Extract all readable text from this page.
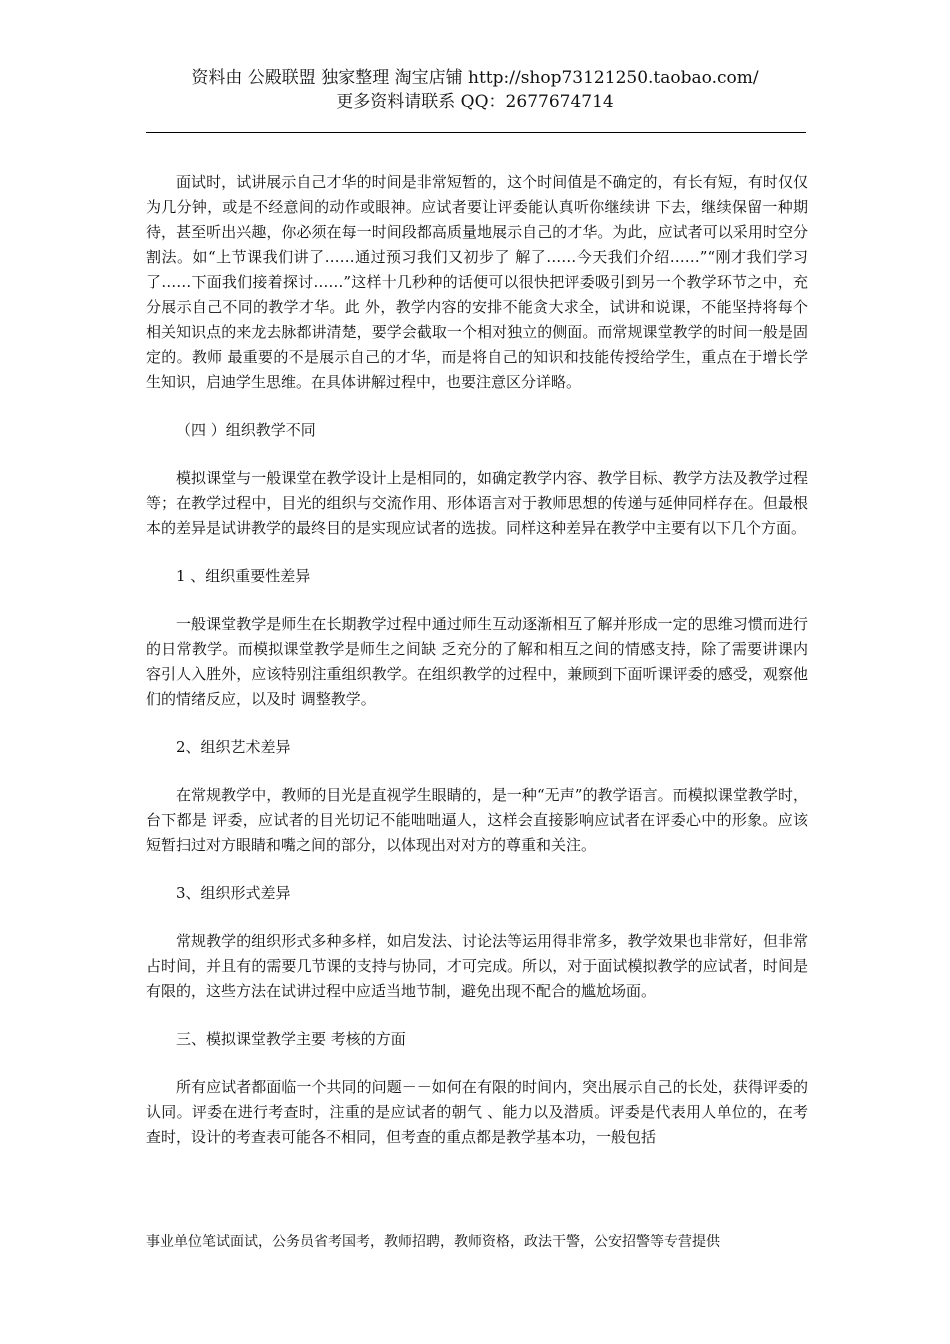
资料由 公殿联盟 独家整理 淘宝店铺 http://shop73121250.taobao.com/
更多资料请联系 QQ：2677674714

面试时，试讲展示自己才华的时间是非常短暂的，这个时间值是不确定的，有长有短，有时仅仅为几分钟，或是不经意间的动作或眼神。应试者要让评委能认真听你继续讲 下去，继续保留一种期待，甚至听出兴趣，你必须在每一时间段都高质量地展示自己的才华。为此，应试者可以采用时空分割法。如“上节课我们讲了……通过预习我们又初步了 解了……今天我们介绍……”“刚才我们学习了……下面我们接着探讨……”这样十几秒种的话便可以很快把评委吸引到另一个教学环节之中，充分展示自己不同的教学才华。此 外，教学内容的安排不能贪大求全，试讲和说课，不能坚持将每个相关知识点的来龙去脉都讲清楚，要学会截取一个相对独立的侧面。而常规课堂教学的时间一般是固定的。教师 最重要的不是展示自己的才华，而是将自己的知识和技能传授给学生，重点在于增长学生知识，启迪学生思维。在具体讲解过程中，也要注意区分详略。

（四 ）组织教学不同

模拟课堂与一般课堂在教学设计上是相同的，如确定教学内容、教学目标、教学方法及教学过程等；在教学过程中，目光的组织与交流作用、形体语言对于教师思想的传递与延伸同样存在。但最根本的差异是试讲教学的最终目的是实现应试者的选拔。同样这种差异在教学中主要有以下几个方面。

1 、组织重要性差异

一般课堂教学是师生在长期教学过程中通过师生互动逐渐相互了解并形成一定的思维习惯而进行的日常教学。而模拟课堂教学是师生之间缺 乏充分的了解和相互之间的情感支持，除了需要讲课内容引人入胜外，应该特别注重组织教学。在组织教学的过程中，兼顾到下面听课评委的感受，观察他们的情绪反应，以及时 调整教学。

2、组织艺术差异

在常规教学中，教师的目光是直视学生眼睛的，是一种“无声”的教学语言。而模拟课堂教学时，台下都是 评委，应试者的目光切记不能咄咄逼人，这样会直接影响应试者在评委心中的形象。应该短暂扫过对方眼睛和嘴之间的部分，以体现出对对方的尊重和关注。

3、组织形式差异

常规教学的组织形式多种多样，如启发法、讨论法等运用得非常多，教学效果也非常好，但非常占时间，并且有的需要几节课的支持与协同，才可完成。所以，对于面试模拟教学的应试者，时间是有限的，这些方法在试讲过程中应适当地节制，避免出现不配合的尴尬场面。

三、模拟课堂教学主要 考核的方面

所有应试者都面临一个共同的问题－－如何在有限的时间内，突出展示自己的长处，获得评委的认同。评委在进行考查时，注重的是应试者的朝气 、能力以及潜质。评委是代表用人单位的，在考查时，设计的考查表可能各不相同，但考查的重点都是教学基本功，一般包括

事业单位笔试面试，公务员省考国考，教师招聘，教师资格，政法干警，公安招警等专营提供
